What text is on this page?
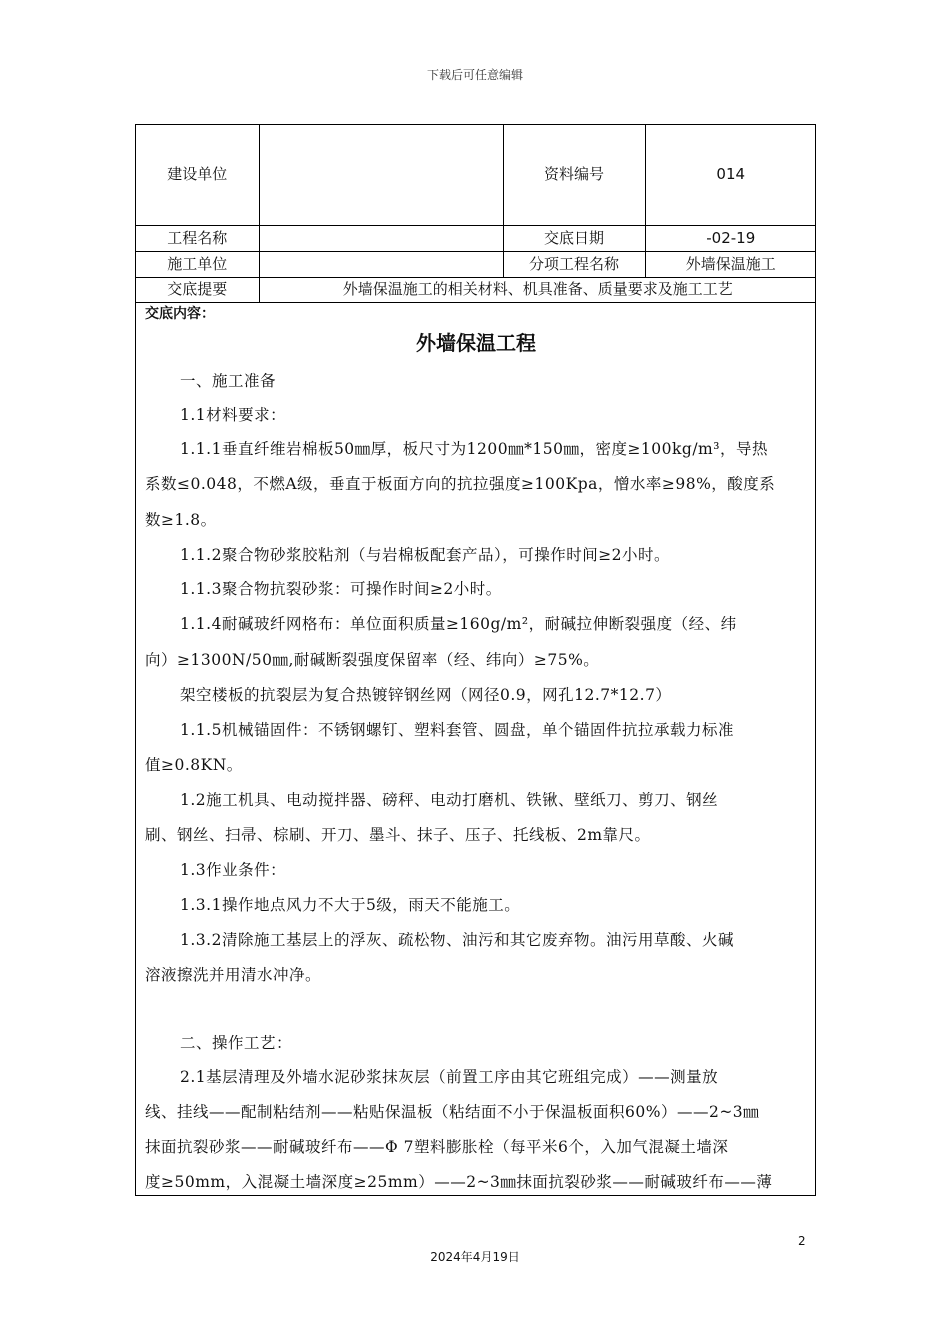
下载后可任意编辑
建设单位		资料编号	014
工程名称		交底日期	-02-19
施工单位		分项工程名称	外墙保温施工
交底提要	外墙保温施工的相关材料、机具准备、质量要求及施工工艺		
交底内容：
外墙保温工程
一、施工准备
1.1材料要求：
1.1.1垂直纤维岩棉板50㎜厚，板尺寸为1200㎜*150㎜，密度≥100kg/m³，导热
系数≤0.048，不燃A级，垂直于板面方向的抗拉强度≥100Kpa，憎水率≥98%，酸度系
数≥1.8。
1.1.2聚合物砂浆胶粘剂（与岩棉板配套产品），可操作时间≥2小时。
1.1.3聚合物抗裂砂浆：可操作时间≥2小时。
1.1.4耐碱玻纤网格布：单位面积质量≥160g/m²，耐碱拉伸断裂强度（经、纬
向）≥1300N/50㎜,耐碱断裂强度保留率（经、纬向）≥75%。
架空楼板的抗裂层为复合热镀锌钢丝网（网径0.9，网孔12.7*12.7）
1.1.5机械锚固件：不锈钢螺钉、塑料套管、圆盘，单个锚固件抗拉承载力标准
值≥0.8KN。
1.2施工机具、电动搅拌器、磅秤、电动打磨机、铁锹、壁纸刀、剪刀、钢丝
刷、钢丝、扫帚、棕刷、开刀、墨斗、抹子、压子、托线板、2m靠尺。
1.3作业条件：
1.3.1操作地点风力不大于5级，雨天不能施工。
1.3.2清除施工基层上的浮灰、疏松物、油污和其它废弃物。油污用草酸、火碱
溶液擦洗并用清水冲净。
二、操作工艺：
2.1基层清理及外墙水泥砂浆抹灰层（前置工序由其它班组完成）——测量放
线、挂线——配制粘结剂——粘贴保温板（粘结面不小于保温板面积60%）——2~3㎜
抹面抗裂砂浆——耐碱玻纤布——Φ 7塑料膨胀栓（每平米6个，入加气混凝土墙深
度≥50mm，入混凝土墙深度≥25mm）——2~3㎜抹面抗裂砂浆——耐碱玻纤布——薄
2
2024年4月19日
